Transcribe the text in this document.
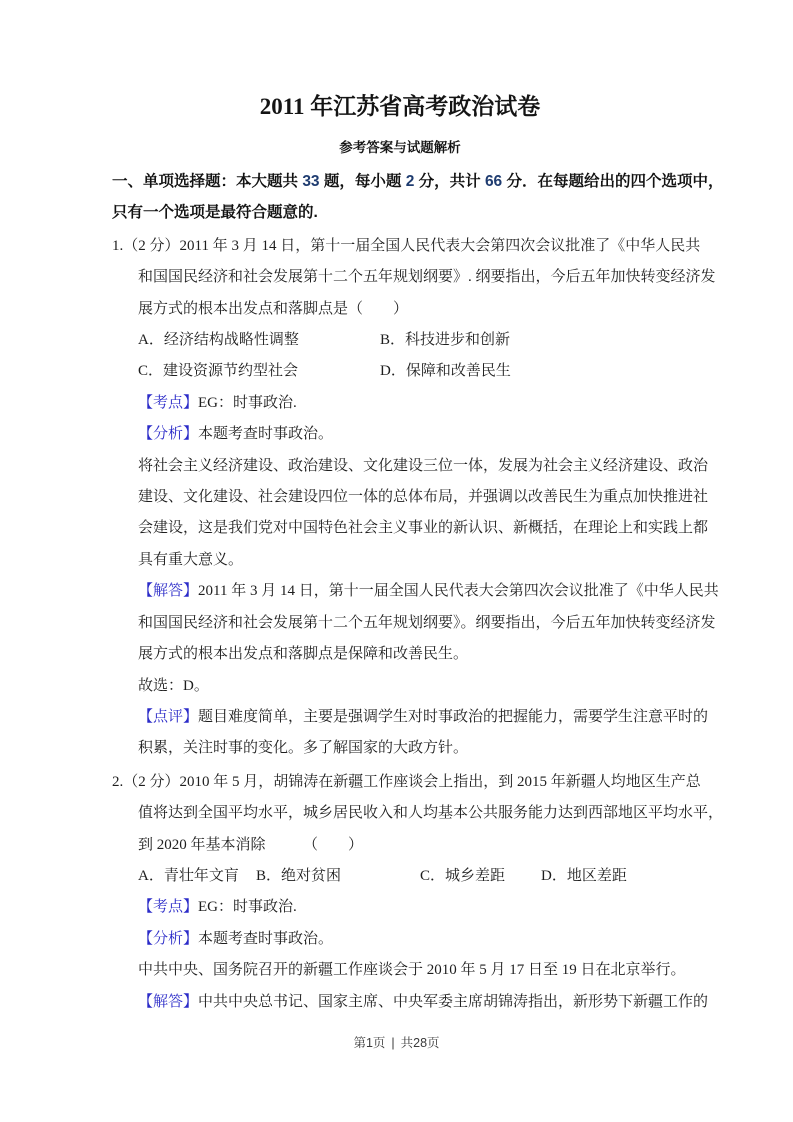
2011 年江苏省高考政治试卷
参考答案与试题解析
一、单项选择题：本大题共 33 题，每小题 2 分，共计 66 分．在每题给出的四个选项中，
只有一个选项是最符合题意的.
1.（2 分）2011 年 3 月 14 日，第十一届全国人民代表大会第四次会议批准了《中华人民共
和国国民经济和社会发展第十二个五年规划纲要》. 纲要指出，今后五年加快转变经济发
展方式的根本出发点和落脚点是（　　）
A．经济结构战略性调整	B．科技进步和创新
C．建设资源节约型社会	D．保障和改善民生
【考点】EG：时事政治.
【分析】本题考查时事政治。
将社会主义经济建设、政治建设、文化建设三位一体，发展为社会主义经济建设、政治
建设、文化建设、社会建设四位一体的总体布局，并强调以改善民生为重点加快推进社
会建设，这是我们党对中国特色社会主义事业的新认识、新概括，在理论上和实践上都
具有重大意义。
【解答】2011 年 3 月 14 日，第十一届全国人民代表大会第四次会议批准了《中华人民共
和国国民经济和社会发展第十二个五年规划纲要》。纲要指出，今后五年加快转变经济发
展方式的根本出发点和落脚点是保障和改善民生。
故选：D。
【点评】题目难度简单，主要是强调学生对时事政治的把握能力，需要学生注意平时的
积累，关注时事的变化。多了解国家的大政方针。
2.（2 分）2010 年 5 月，胡锦涛在新疆工作座谈会上指出，到 2015 年新疆人均地区生产总
值将达到全国平均水平，城乡居民收入和人均基本公共服务能力达到西部地区平均水平，
到 2020 年基本消除　　　（　　）
A．青壮年文肓 B．绝对贫困	C．城乡差距 D．地区差距
【考点】EG：时事政治.
【分析】本题考查时事政治。
中共中央、国务院召开的新疆工作座谈会于 2010 年 5 月 17 日至 19 日在北京举行。
【解答】中共中央总书记、国家主席、中央军委主席胡锦涛指出，新形势下新疆工作的
第1页 | 共28页
